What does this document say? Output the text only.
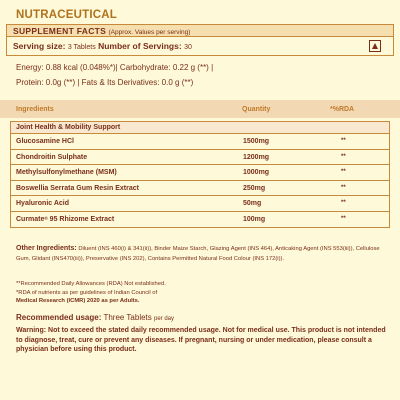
NUTRACEUTICAL
SUPPLEMENT FACTS (Approx. Values per serving)
Serving size: 3 Tablets Number of Servings: 30
Energy: 0.88 kcal (0.048%*)| Carbohydrate: 0.22 g (**) |
Protein: 0.0g (**) | Fats & Its Derivatives: 0.0 g (**)
Ingredients	Quantity	*%RDA
Joint Health & Mobility Support
Glucosamine HCl	1500mg	**
Chondroitin Sulphate	1200mg	**
Methylsulfonylmethane (MSM)	1000mg	**
Boswellia Serrata Gum Resin Extract	250mg	**
Hyaluronic Acid	50mg	**
Curmate® 95 Rhizome Extract	100mg	**
Other Ingredients: Diluent (INS 460(i) & 341(ii)), Binder Maize Starch, Glazing Agent (INS 464), Anticaking Agent (INS 553(iii)), Cellulose Gum, Glidant (INS470(iii)), Preservative (INS 202), Contains Permitted Natural Food Colour (INS 172(i)).
**Recommended Daily Allowances (RDA) Not established.
*RDA of nutrients as per guidelines of Indian Council of
Medical Research (ICMR) 2020 as per Adults.
Recommended usage: Three Tablets per day
Warning: Not to exceed the stated daily recommended usage. Not for medical use. This product is not intended to diagnose, treat, cure or prevent any diseases. If pregnant, nursing or under medication, please consult a physician before using this product.
